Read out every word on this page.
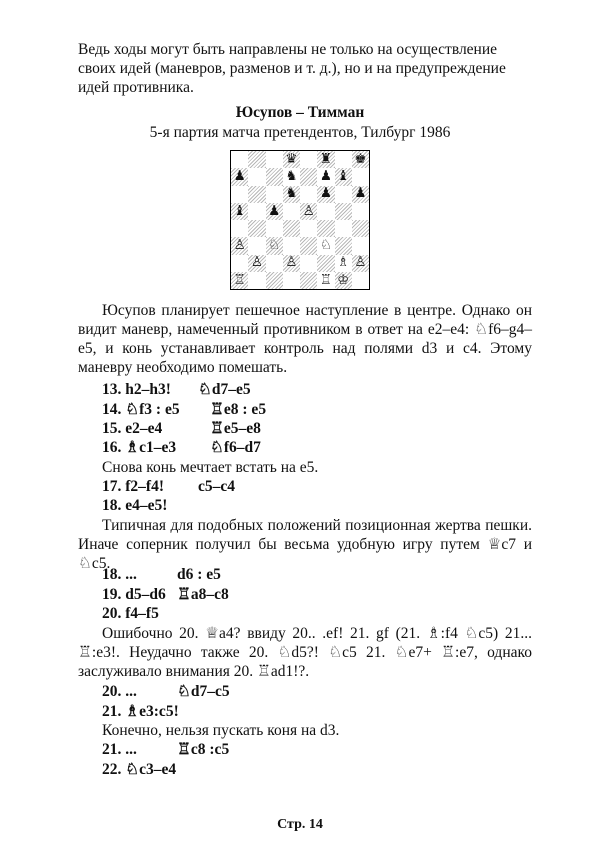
Ведь ходы могут быть направлены не только на осуществление своих идей (маневров, разменов и т. д.), но и на предупреждение идей противника.

Юсупов – Тимман
5-я партия матча претендентов, Тилбург 1986
♛ ♜ ♚
♟	♞ ♟ ♝
♞ ♟ ♟
♝ ♟ ♙
♙ ♘	♘
♙ ♙	♗ ♙
♖	♖ ♔

Юсупов планирует пешечное наступление в центре. Однако он видит маневр, намеченный противником в ответ на e2–e4: ♘f6–g4–e5, и конь устанавливает контроль над полями d3 и c4. Этому маневру необходимо помешать.

13. h2–h3! ♘d7–e5
14. ♘f3 : e5 ♖e8 : e5
15. e2–e4	♖e5–e8
16. ♗c1–e3 ♘f6–d7
Снова конь мечтает встать на e5.
17. f2–f4! c5–c4
18. e4–e5!

Типичная для подобных положений позиционная жертва пешки. Иначе соперник получил бы весьма удобную игру путем ♕c7 и ♘c5.

18. ...	d6 : e5
19. d5–d6 ♖a8–c8
20. f4–f5

Ошибочно 20. ♕a4? ввиду 20.. .ef! 21. gf (21. ♗:f4 ♘c5) 21... ♖:e3!. Неудачно также 20. ♘d5?! ♘c5 21. ♘e7+ ♖:e7, однако заслуживало внимания 20. ♖ad1!?.

20. ...	♘d7–c5
21. ♗e3:c5!
Конечно, нельзя пускать коня на d3.
21. ...	♖c8 :c5
22. ♘c3–e4
Стр. 14
